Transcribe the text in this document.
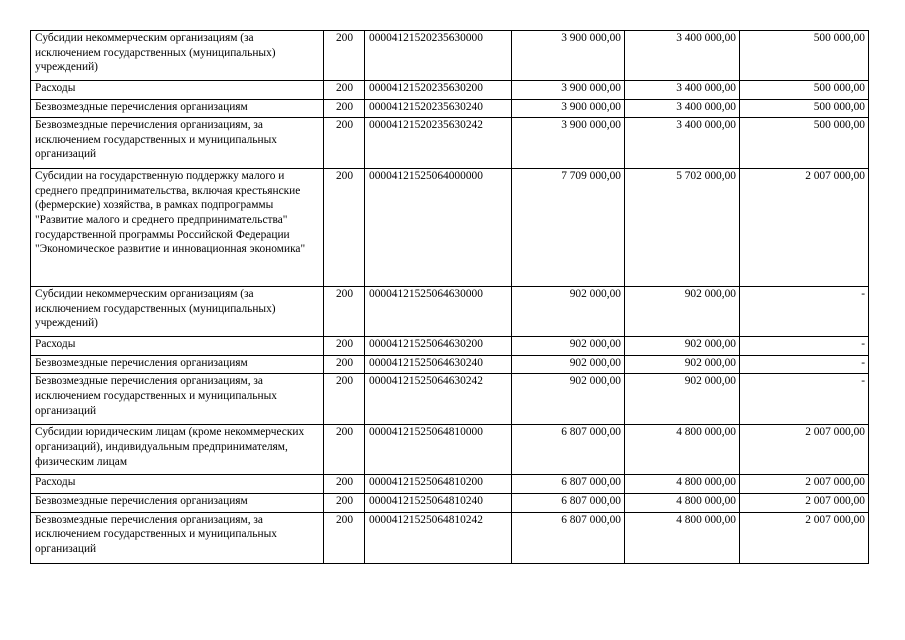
Субсидии некоммерческим организациям (за исключением государственных (муниципальных) учреждений)	200	00004121520235630000	3 900 000,00	3 400 000,00	500 000,00
Расходы	200	00004121520235630200	3 900 000,00	3 400 000,00	500 000,00
Безвозмездные перечисления организациям	200	00004121520235630240	3 900 000,00	3 400 000,00	500 000,00
Безвозмездные перечисления организациям, за исключением государственных и муниципальных организаций	200	00004121520235630242	3 900 000,00	3 400 000,00	500 000,00
Субсидии на государственную поддержку малого и среднего предпринимательства, включая крестьянские (фермерские) хозяйства, в рамках подпрограммы "Развитие малого и среднего предпринимательства" государственной программы Российской Федерации "Экономическое развитие и инновационная экономика"	200	00004121525064000000	7 709 000,00	5 702 000,00	2 007 000,00
Субсидии некоммерческим организациям (за исключением государственных (муниципальных) учреждений)	200	00004121525064630000	902 000,00	902 000,00	-
Расходы	200	00004121525064630200	902 000,00	902 000,00	-
Безвозмездные перечисления организациям	200	00004121525064630240	902 000,00	902 000,00	-
Безвозмездные перечисления организациям, за исключением государственных и муниципальных организаций	200	00004121525064630242	902 000,00	902 000,00	-
Субсидии юридическим лицам (кроме некоммерческих организаций), индивидуальным предпринимателям, физическим лицам	200	00004121525064810000	6 807 000,00	4 800 000,00	2 007 000,00
Расходы	200	00004121525064810200	6 807 000,00	4 800 000,00	2 007 000,00
Безвозмездные перечисления организациям	200	00004121525064810240	6 807 000,00	4 800 000,00	2 007 000,00
Безвозмездные перечисления организациям, за исключением государственных и муниципальных организаций	200	00004121525064810242	6 807 000,00	4 800 000,00	2 007 000,00
